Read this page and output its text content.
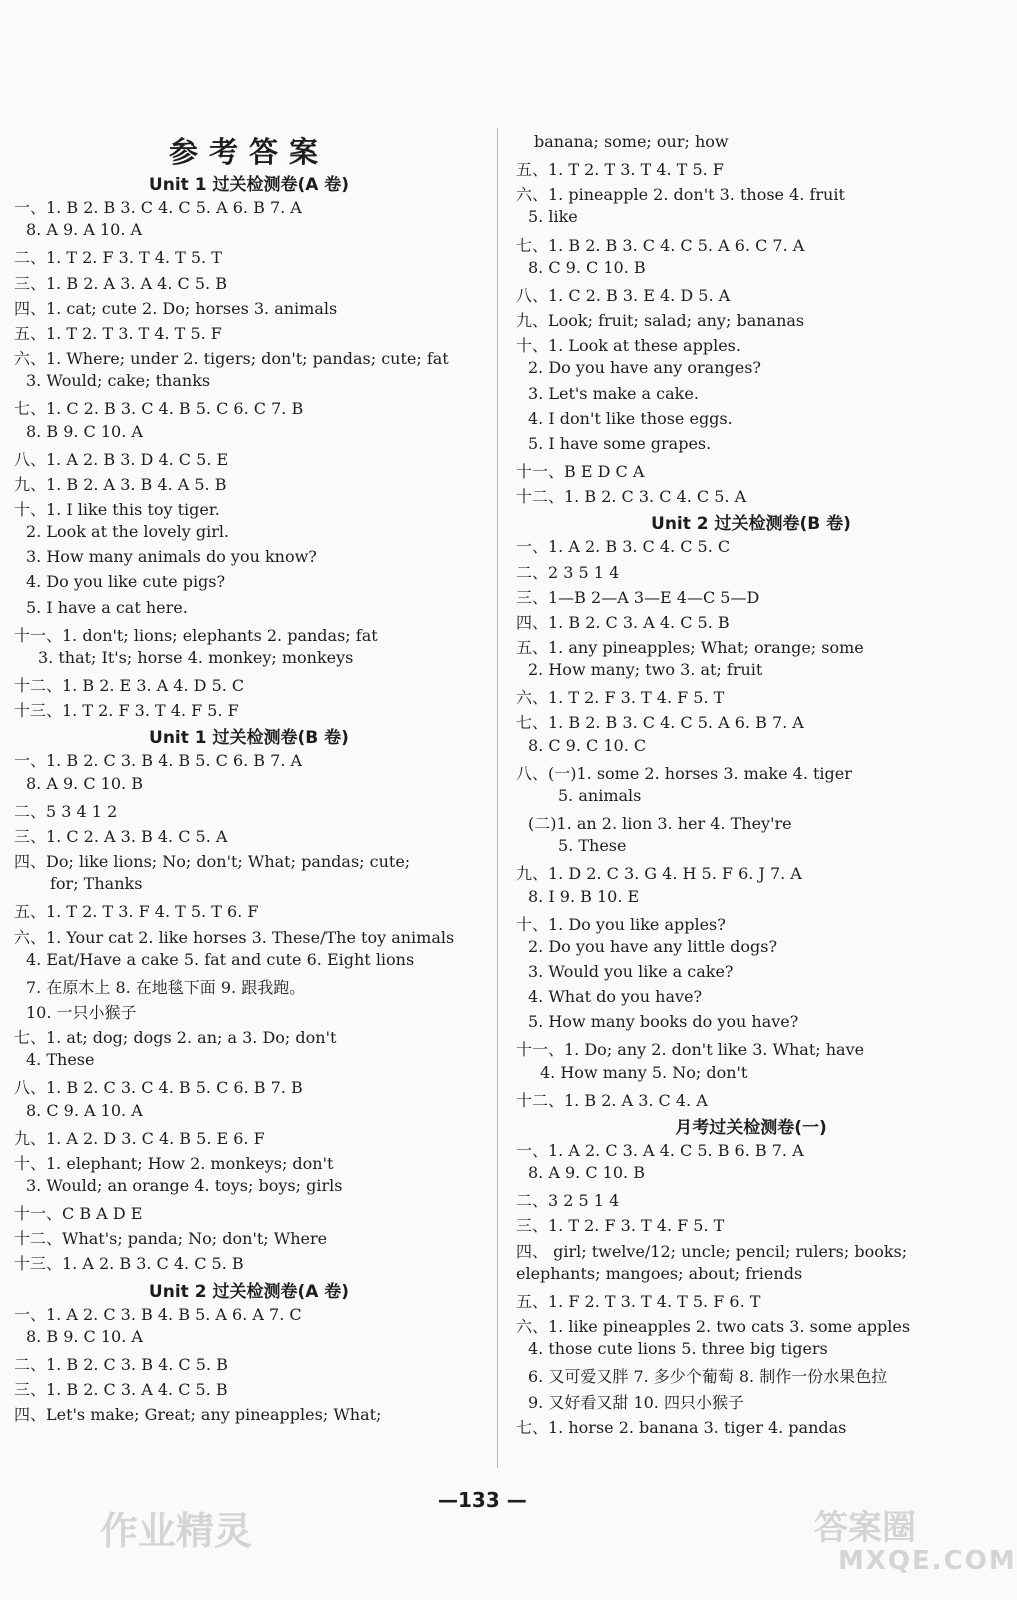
参考答案
Unit 1 过关检测卷(A 卷)
一、1. B 2. B 3. C 4. C 5. A 6. B 7. A
8. A 9. A 10. A
二、1. T 2. F 3. T 4. T 5. T
三、1. B 2. A 3. A 4. C 5. B
四、1. cat; cute 2. Do; horses 3. animals
五、1. T 2. T 3. T 4. T 5. F
六、1. Where; under 2. tigers; don't; pandas; cute; fat
3. Would; cake; thanks
七、1. C 2. B 3. C 4. B 5. C 6. C 7. B
8. B 9. C 10. A
八、1. A 2. B 3. D 4. C 5. E
九、1. B 2. A 3. B 4. A 5. B
十、1. I like this toy tiger.
2. Look at the lovely girl.
3. How many animals do you know?
4. Do you like cute pigs?
5. I have a cat here.
十一、1. don't; lions; elephants 2. pandas; fat
3. that; It's; horse 4. monkey; monkeys
十二、1. B 2. E 3. A 4. D 5. C
十三、1. T 2. F 3. T 4. F 5. F
Unit 1 过关检测卷(B 卷)
一、1. B 2. C 3. B 4. B 5. C 6. B 7. A
8. A 9. C 10. B
二、5 3 4 1 2
三、1. C 2. A 3. B 4. C 5. A
四、Do; like lions; No; don't; What; pandas; cute;
for; Thanks
五、1. T 2. T 3. F 4. T 5. T 6. F
六、1. Your cat 2. like horses 3. These/The toy animals
4. Eat/Have a cake 5. fat and cute 6. Eight lions
7. 在原木上 8. 在地毯下面 9. 跟我跑。
10. 一只小猴子
七、1. at; dog; dogs 2. an; a 3. Do; don't
4. These
八、1. B 2. C 3. C 4. B 5. C 6. B 7. B
8. C 9. A 10. A
九、1. A 2. D 3. C 4. B 5. E 6. F
十、1. elephant; How 2. monkeys; don't
3. Would; an orange 4. toys; boys; girls
十一、C B A D E
十二、What's; panda; No; don't; Where
十三、1. A 2. B 3. C 4. C 5. B
Unit 2 过关检测卷(A 卷)
一、1. A 2. C 3. B 4. B 5. A 6. A 7. C
8. B 9. C 10. A
二、1. B 2. C 3. B 4. C 5. B
三、1. B 2. C 3. A 4. C 5. B
四、Let's make; Great; any pineapples; What;
banana; some; our; how
五、1. T 2. T 3. T 4. T 5. F
六、1. pineapple 2. don't 3. those 4. fruit
5. like
七、1. B 2. B 3. C 4. C 5. A 6. C 7. A
8. C 9. C 10. B
八、1. C 2. B 3. E 4. D 5. A
九、Look; fruit; salad; any; bananas
十、1. Look at these apples.
2. Do you have any oranges?
3. Let's make a cake.
4. I don't like those eggs.
5. I have some grapes.
十一、B E D C A
十二、1. B 2. C 3. C 4. C 5. A
Unit 2 过关检测卷(B 卷)
一、1. A 2. B 3. C 4. C 5. C
二、2 3 5 1 4
三、1—B 2—A 3—E 4—C 5—D
四、1. B 2. C 3. A 4. C 5. B
五、1. any pineapples; What; orange; some
2. How many; two 3. at; fruit
六、1. T 2. F 3. T 4. F 5. T
七、1. B 2. B 3. C 4. C 5. A 6. B 7. A
8. C 9. C 10. C
八、(一)1. some 2. horses 3. make 4. tiger
5. animals
(二)1. an 2. lion 3. her 4. They're
5. These
九、1. D 2. C 3. G 4. H 5. F 6. J 7. A
8. I 9. B 10. E
十、1. Do you like apples?
2. Do you have any little dogs?
3. Would you like a cake?
4. What do you have?
5. How many books do you have?
十一、1. Do; any 2. don't like 3. What; have
4. How many 5. No; don't
十二、1. B 2. A 3. C 4. A
月考过关检测卷(一)
一、1. A 2. C 3. A 4. C 5. B 6. B 7. A
8. A 9. C 10. B
二、3 2 5 1 4
三、1. T 2. F 3. T 4. F 5. T
四、 girl; twelve/12; uncle; pencil; rulers; books;
elephants; mangoes; about; friends
五、1. F 2. T 3. T 4. T 5. F 6. T
六、1. like pineapples 2. two cats 3. some apples
4. those cute lions 5. three big tigers
6. 又可爱又胖 7. 多少个葡萄 8. 制作一份水果色拉
9. 又好看又甜 10. 四只小猴子
七、1. horse 2. banana 3. tiger 4. pandas
—133 —
作业精灵	答案圈
MXQE.COM
